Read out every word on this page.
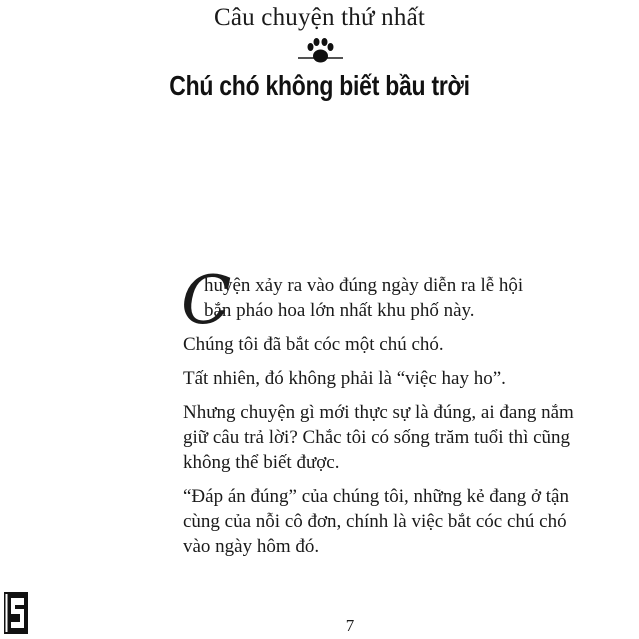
Câu chuyện thứ nhất
Chú chó không biết bầu trời

C
huyện xảy ra vào đúng ngày diễn ra lễ hội
bắn pháo hoa lớn nhất khu phố này.

Chúng tôi đã bắt cóc một chú chó.

Tất nhiên, đó không phải là “việc hay ho”.

Nhưng chuyện gì mới thực sự là đúng, ai đang nắm giữ câu trả lời? Chắc tôi có sống trăm tuổi thì cũng không thể biết được.

“Đáp án đúng” của chúng tôi, những kẻ đang ở tận cùng của nỗi cô đơn, chính là việc bắt cóc chú chó vào ngày hôm đó.

7
